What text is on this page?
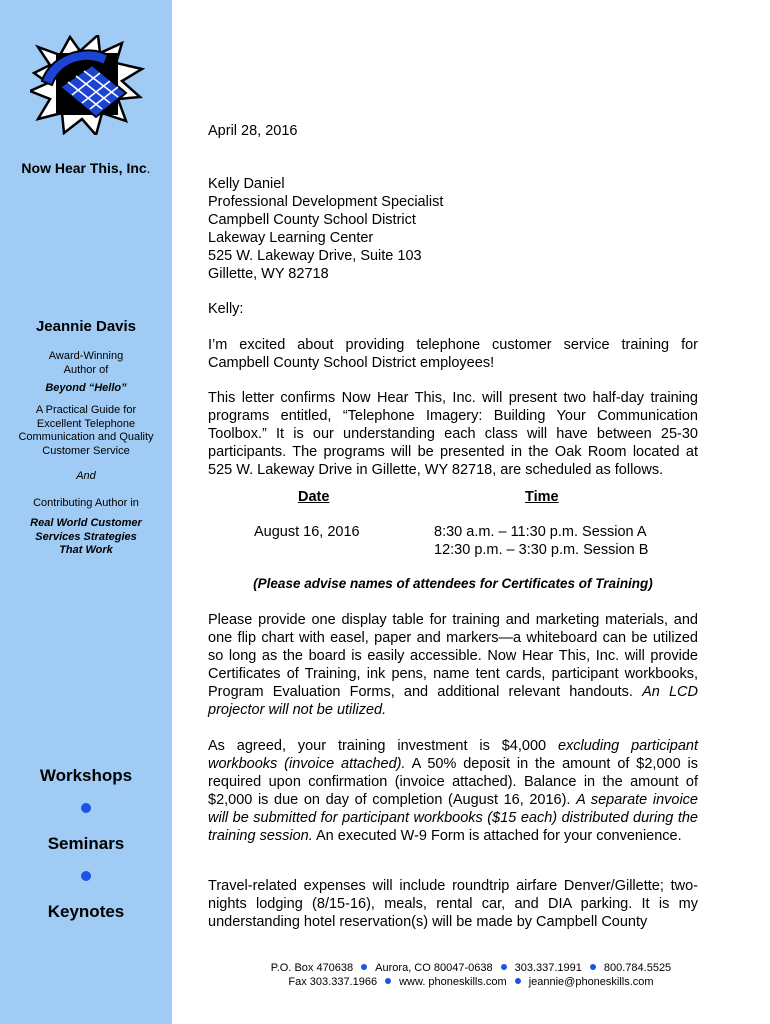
Now Hear This, Inc.
Jeannie Davis
Award-Winning
Author of
Beyond “Hello”
A Practical Guide for
Excellent Telephone
Communication and Quality
Customer Service
And
Contributing Author in
Real World Customer
Services Strategies
That Work
Workshops
Seminars
Keynotes
April 28, 2016
Kelly Daniel
Professional Development Specialist
Campbell County School District
Lakeway Learning Center
525 W. Lakeway Drive, Suite 103
Gillette, WY 82718
Kelly:
I’m excited about providing telephone customer service training for Campbell County School District employees!
This letter confirms Now Hear This, Inc. will present two half-day training programs entitled, “Telephone Imagery: Building Your Communication Toolbox.” It is our understanding each class will have between 25-30 participants. The programs will be presented in the Oak Room located at 525 W. Lakeway Drive in Gillette, WY 82718, are scheduled as follows.
Date	Time
August 16, 2016	8:30 a.m. – 11:30 p.m. Session A
12:30 p.m. – 3:30 p.m. Session B
(Please advise names of attendees for Certificates of Training)
Please provide one display table for training and marketing materials, and one flip chart with easel, paper and markers—a whiteboard can be utilized so long as the board is easily accessible. Now Hear This, Inc. will provide Certificates of Training, ink pens, name tent cards, participant workbooks, Program Evaluation Forms, and additional relevant handouts. An LCD projector will not be utilized.
As agreed, your training investment is $4,000 excluding participant workbooks (invoice attached). A 50% deposit in the amount of $2,000 is required upon confirmation (invoice attached). Balance in the amount of $2,000 is due on day of completion (August 16, 2016). A separate invoice will be submitted for participant workbooks ($15 each) distributed during the training session. An executed W-9 Form is attached for your convenience.
Travel-related expenses will include roundtrip airfare Denver/Gillette; two-nights lodging (8/15-16), meals, rental car, and DIA parking. It is my understanding hotel reservation(s) will be made by Campbell County
P.O. Box 470638 Aurora, CO 80047-0638 303.337.1991 800.784.5525
Fax 303.337.1966 www. phoneskills.com jeannie@phoneskills.com
